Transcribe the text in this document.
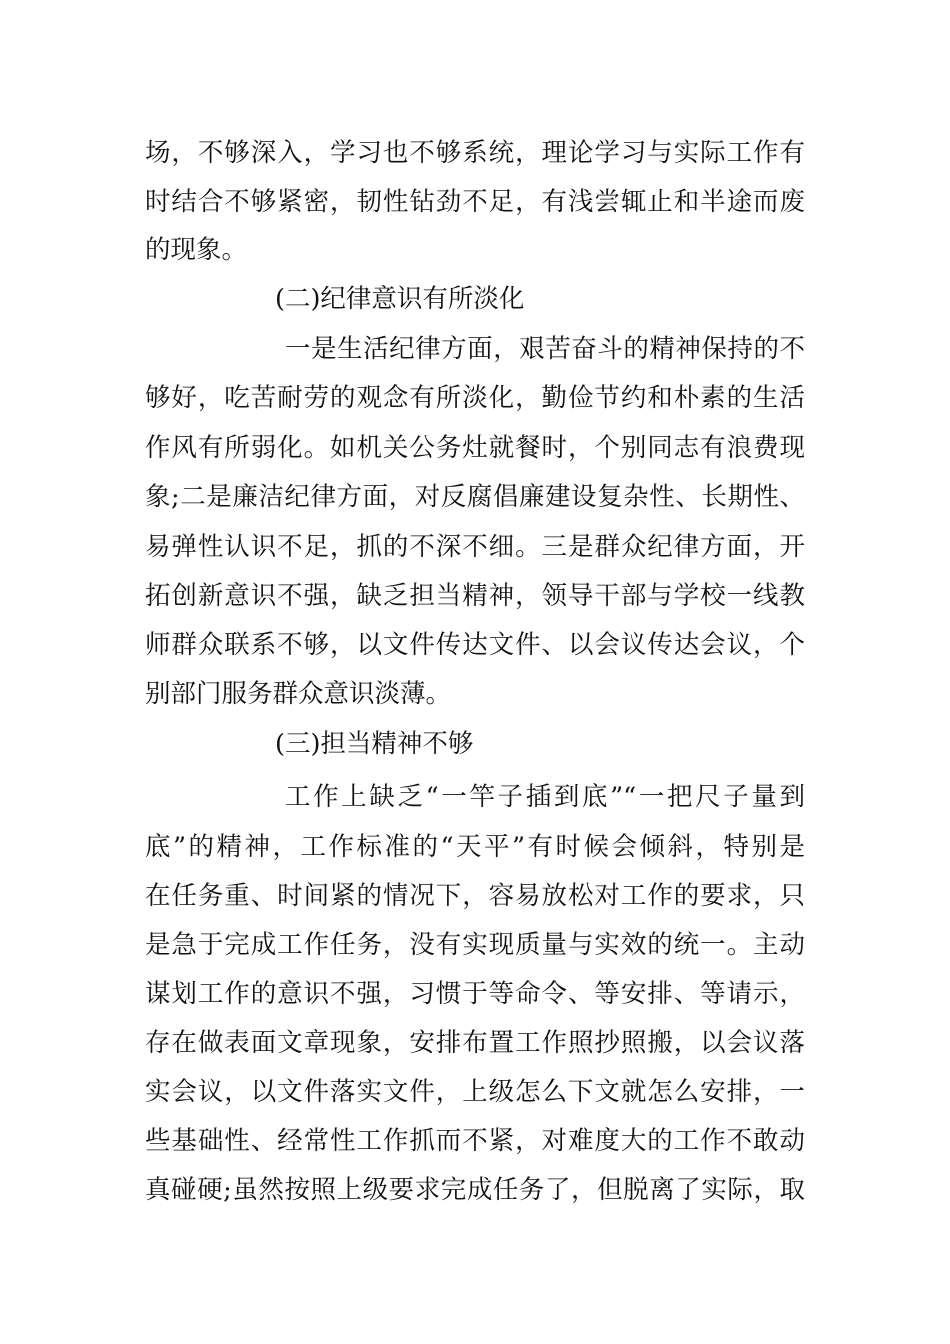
场，不够深入，学习也不够系统，理论学习与实际工作有
时结合不够紧密，韧性钻劲不足，有浅尝辄止和半途而废
的现象。
(二)纪律意识有所淡化
一是生活纪律方面，艰苦奋斗的精神保持的不
够好，吃苦耐劳的观念有所淡化，勤俭节约和朴素的生活
作风有所弱化。如机关公务灶就餐时，个别同志有浪费现
象;二是廉洁纪律方面，对反腐倡廉建设复杂性、长期性、
易弹性认识不足，抓的不深不细。三是群众纪律方面，开
拓创新意识不强，缺乏担当精神，领导干部与学校一线教
师群众联系不够，以文件传达文件、以会议传达会议，个
别部门服务群众意识淡薄。
(三)担当精神不够
工作上缺乏“一竿子插到底”“一把尺子量到
底”的精神，工作标准的“天平”有时候会倾斜，特别是
在任务重、时间紧的情况下，容易放松对工作的要求，只
是急于完成工作任务，没有实现质量与实效的统一。主动
谋划工作的意识不强，习惯于等命令、等安排、等请示，
存在做表面文章现象，安排布置工作照抄照搬，以会议落
实会议，以文件落实文件，上级怎么下文就怎么安排，一
些基础性、经常性工作抓而不紧，对难度大的工作不敢动
真碰硬;虽然按照上级要求完成任务了，但脱离了实际，取
